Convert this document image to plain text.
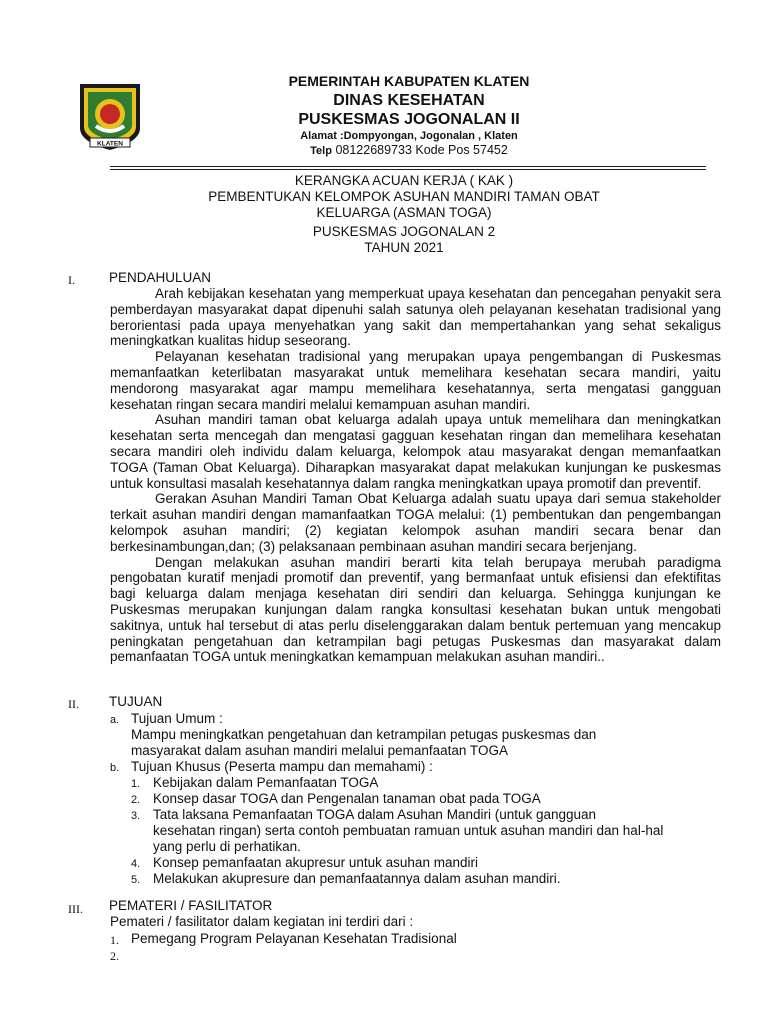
KLATEN
PEMERINTAH KABUPATEN KLATEN
DINAS KESEHATAN
PUSKESMAS JOGONALAN II
Alamat :Dompyongan, Jogonalan , Klaten
Telp 08122689733 Kode Pos 57452
KERANGKA ACUAN KERJA ( KAK )
PEMBENTUKAN KELOMPOK ASUHAN MANDIRI TAMAN OBAT
KELUARGA (ASMAN TOGA)
PUSKESMAS JOGONALAN 2
TAHUN 2021
I.	PENDAHULUAN

Arah kebijakan kesehatan yang memperkuat upaya kesehatan dan pencegahan penyakit sera pemberdayan masyarakat dapat dipenuhi salah satunya oleh pelayanan kesehatan tradisional yang berorientasi pada upaya menyehatkan yang sakit dan mempertahankan yang sehat sekaligus meningkatkan kualitas hidup seseorang.

Pelayanan kesehatan tradisional yang merupakan upaya pengembangan di Puskesmas memanfaatkan keterlibatan masyarakat untuk memelihara kesehatan secara mandiri, yaitu mendorong masyarakat agar mampu memelihara kesehatannya, serta mengatasi gangguan kesehatan ringan secara mandiri melalui kemampuan asuhan mandiri.

Asuhan mandiri taman obat keluarga adalah upaya untuk memelihara dan meningkatkan kesehatan serta mencegah dan mengatasi gagguan kesehatan ringan dan memelihara kesehatan secara mandiri oleh individu dalam keluarga, kelompok atau masyarakat dengan memanfaatkan TOGA (Taman Obat Keluarga). Diharapkan masyarakat dapat melakukan kunjungan ke puskesmas untuk konsultasi masalah kesehatannya dalam rangka meningkatkan upaya promotif dan preventif.

Gerakan Asuhan Mandiri Taman Obat Keluarga adalah suatu upaya dari semua stakeholder terkait asuhan mandiri dengan mamanfaatkan TOGA melalui: (1) pembentukan dan pengembangan kelompok asuhan mandiri; (2) kegiatan kelompok asuhan mandiri secara benar dan berkesinambungan,dan; (3) pelaksanaan pembinaan asuhan mandiri secara berjenjang.

Dengan melakukan asuhan mandiri berarti kita telah berupaya merubah paradigma pengobatan kuratif menjadi promotif dan preventif, yang bermanfaat untuk efisiensi dan efektifitas bagi keluarga dalam menjaga kesehatan diri sendiri dan keluarga. Sehingga kunjungan ke Puskesmas merupakan kunjungan dalam rangka konsultasi kesehatan bukan untuk mengobati sakitnya, untuk hal tersebut di atas perlu diselenggarakan dalam bentuk pertemuan yang mencakup peningkatan pengetahuan dan ketrampilan bagi petugas Puskesmas dan masyarakat dalam pemanfaatan TOGA untuk meningkatkan kemampuan melakukan asuhan mandiri..

II. TUJUAN
a. Tujuan Umum :
Mampu meningkatkan pengetahuan dan ketrampilan petugas puskesmas dan
masyarakat dalam asuhan mandiri melalui pemanfaatan TOGA
b. Tujuan Khusus (Peserta mampu dan memahami) :
1. Kebijakan dalam Pemanfaatan TOGA
2. Konsep dasar TOGA dan Pengenalan tanaman obat pada TOGA
3. Tata laksana Pemanfaatan TOGA dalam Asuhan Mandiri (untuk gangguan
kesehatan ringan) serta contoh pembuatan ramuan untuk asuhan mandiri dan hal-hal
yang perlu di perhatikan.
4. Konsep pemanfaatan akupresur untuk asuhan mandiri
5. Melakukan akupresure dan pemanfaatannya dalam asuhan mandiri.
III. PEMATERI / FASILITATOR
Pemateri / fasilitator dalam kegiatan ini terdiri dari :
1. Pemegang Program Pelayanan Kesehatan Tradisional
2.
